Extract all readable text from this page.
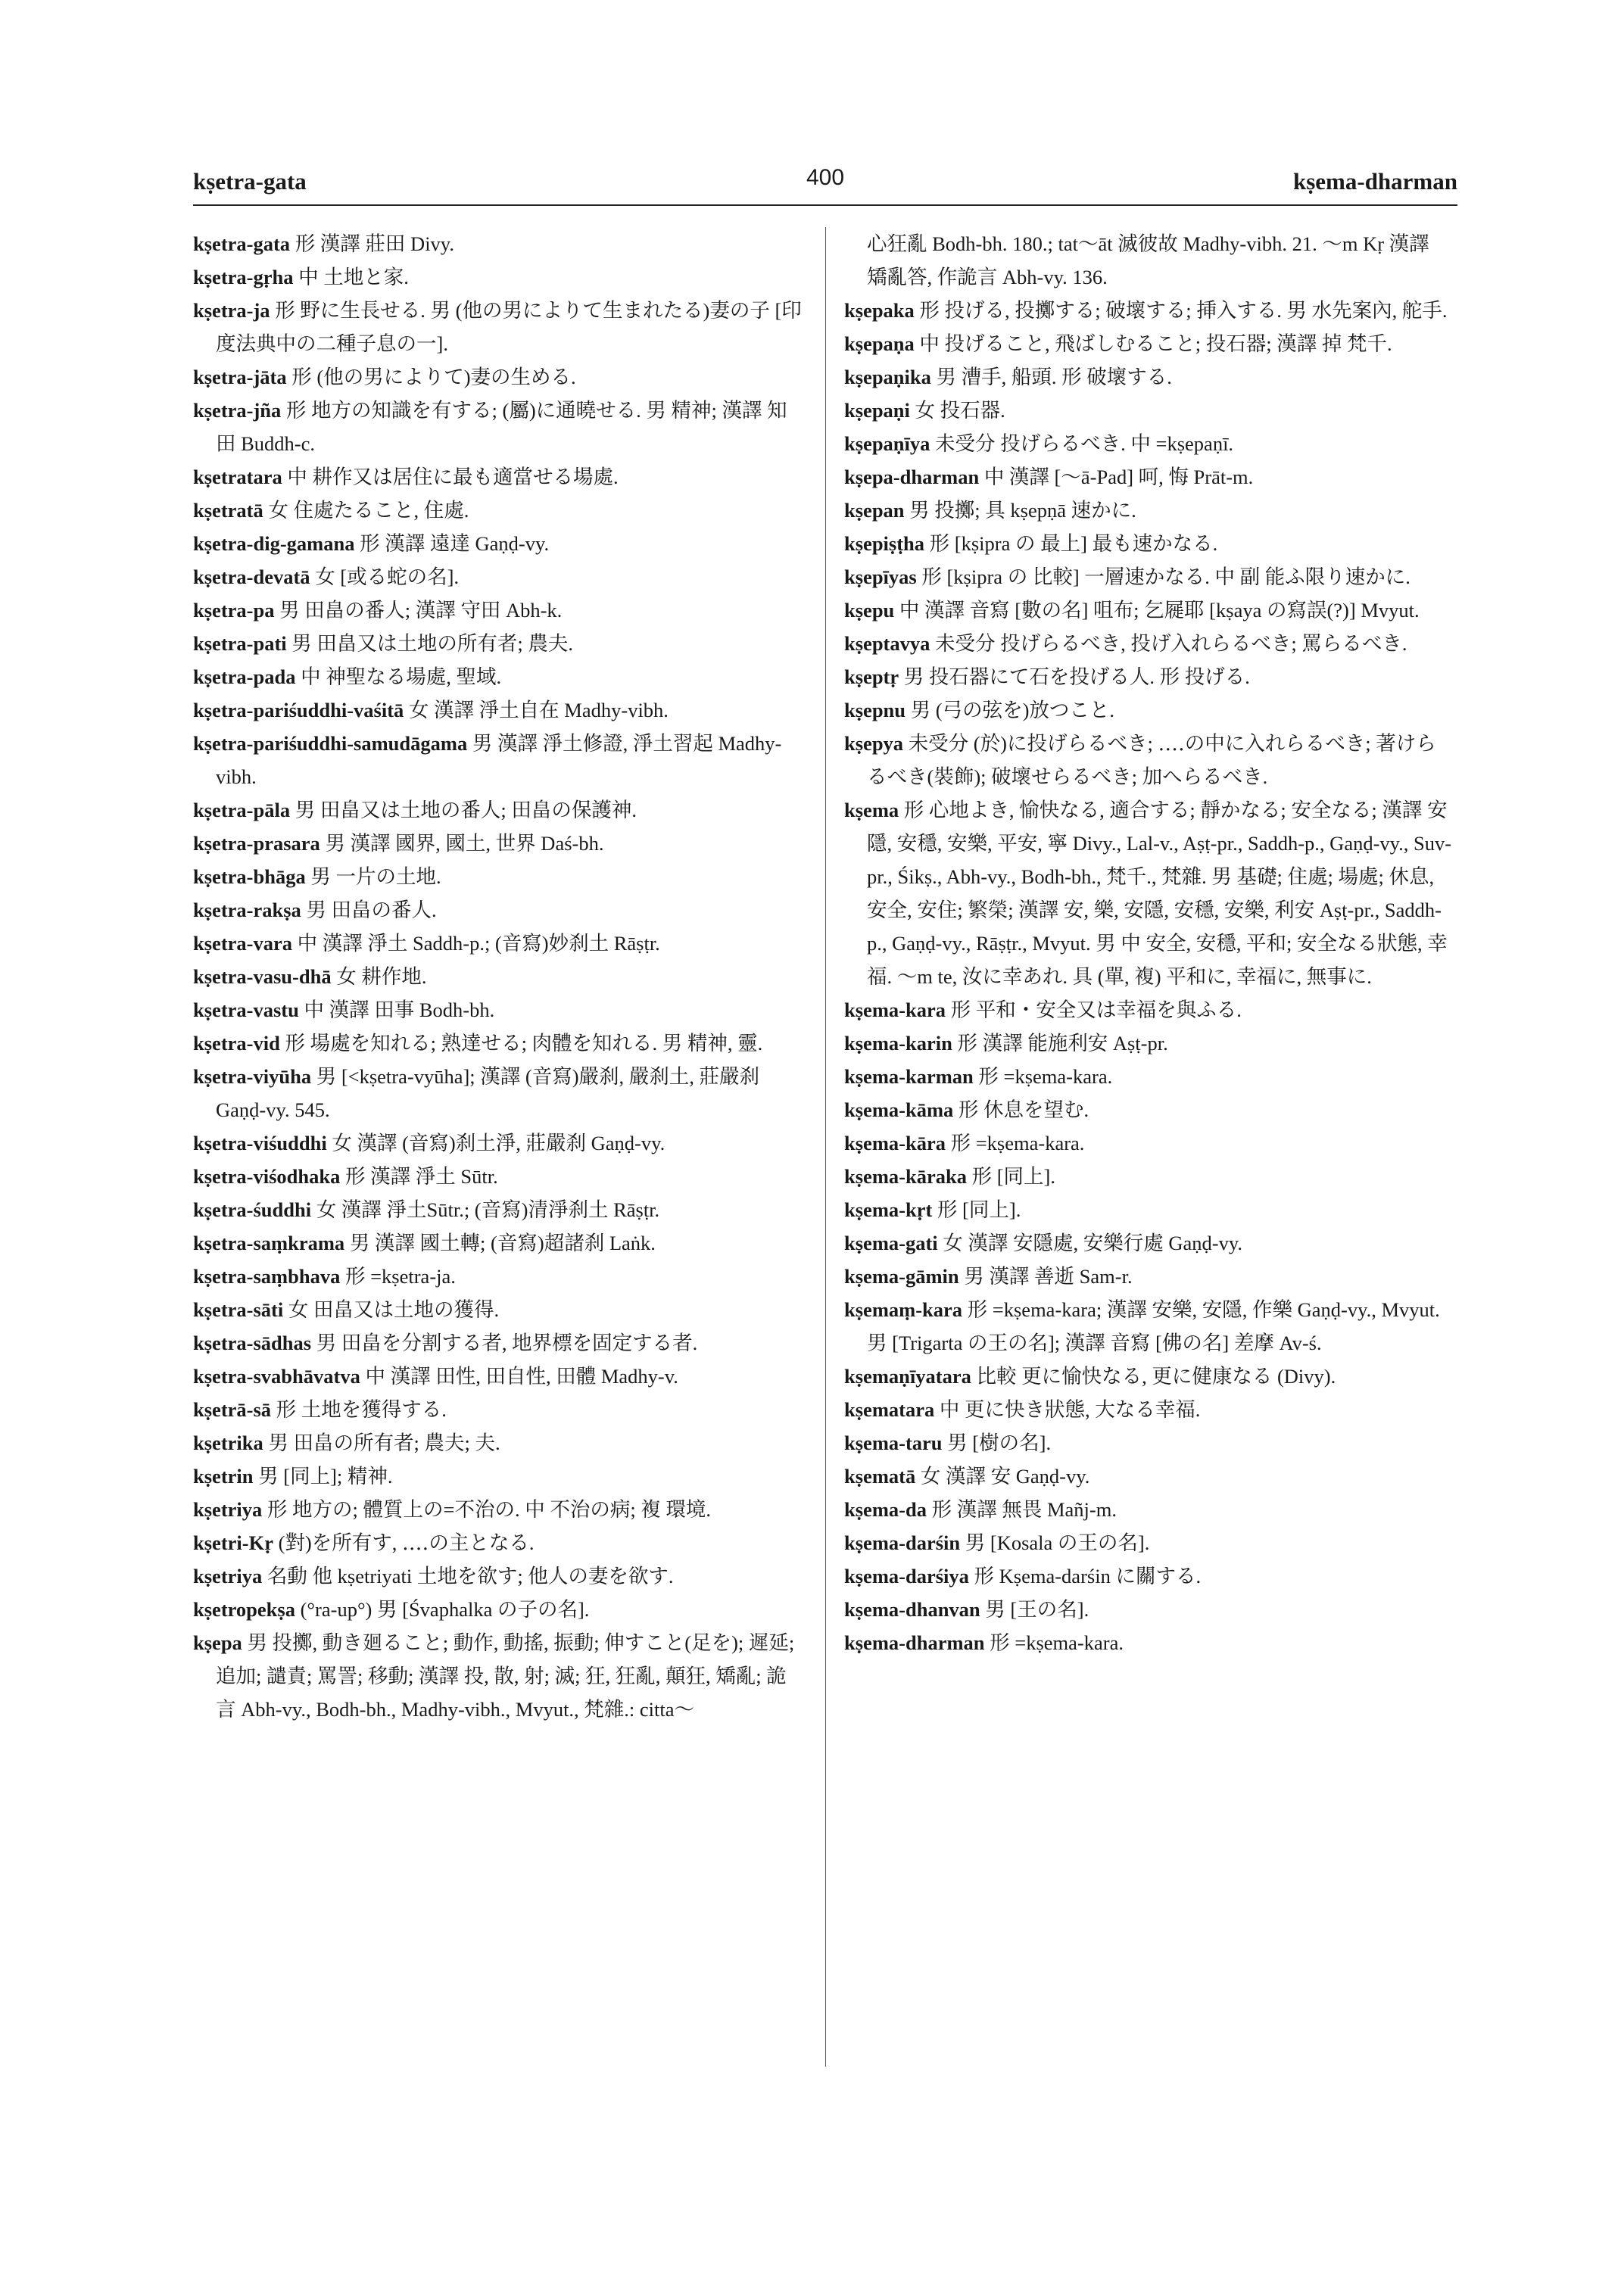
kṣetra-gata	400	kṣema-dharman

kṣetra-gata 形 漢譯 莊田 Divy.

kṣetra-gṛha 中 土地と家.

kṣetra-ja 形 野に生長せる. 男 (他の男によりて生まれたる)妻の子 [印度法典中の二種子息の一].

kṣetra-jāta 形 (他の男によりて)妻の生める.

kṣetra-jña 形 地方の知識を有する; (屬)に通曉せる. 男 精神; 漢譯 知田 Buddh-c.

kṣetratara 中 耕作又は居住に最も適當せる場處.

kṣetratā 女 住處たること, 住處.

kṣetra-dig-gamana 形 漢譯 遠達 Gaṇḍ-vy.

kṣetra-devatā 女 [或る蛇の名].

kṣetra-pa 男 田畠の番人; 漢譯 守田 Abh-k.

kṣetra-pati 男 田畠又は土地の所有者; 農夫.

kṣetra-pada 中 神聖なる場處, 聖域.

kṣetra-pariśuddhi-vaśitā 女 漢譯 淨土自在 Madhy-vibh.

kṣetra-pariśuddhi-samudāgama 男 漢譯 淨土修證, 淨土習起 Madhy-vibh.

kṣetra-pāla 男 田畠又は土地の番人; 田畠の保護神.

kṣetra-prasara 男 漢譯 國界, 國土, 世界 Daś-bh.

kṣetra-bhāga 男 一片の土地.

kṣetra-rakṣa 男 田畠の番人.

kṣetra-vara 中 漢譯 淨土 Saddh-p.; (音寫)妙刹土 Rāṣṭr.

kṣetra-vasu-dhā 女 耕作地.

kṣetra-vastu 中 漢譯 田事 Bodh-bh.

kṣetra-vid 形 場處を知れる; 熟達せる; 肉體を知れる. 男 精神, 靈.

kṣetra-viyūha 男 [<kṣetra-vyūha]; 漢譯 (音寫)嚴刹, 嚴刹土, 莊嚴刹 Gaṇḍ-vy. 545.

kṣetra-viśuddhi 女 漢譯 (音寫)刹土淨, 莊嚴刹 Gaṇḍ-vy.

kṣetra-viśodhaka 形 漢譯 淨土 Sūtr.

kṣetra-śuddhi 女 漢譯 淨土Sūtr.; (音寫)清淨刹土 Rāṣṭr.

kṣetra-saṃkrama 男 漢譯 國土轉; (音寫)超諸刹 Laṅk.

kṣetra-saṃbhava 形 =kṣetra-ja.

kṣetra-sāti 女 田畠又は土地の獲得.

kṣetra-sādhas 男 田畠を分割する者, 地界標を固定する者.

kṣetra-svabhāvatva 中 漢譯 田性, 田自性, 田體 Madhy-v.

kṣetrā-sā 形 土地を獲得する.

kṣetrika 男 田畠の所有者; 農夫; 夫.

kṣetrin 男 [同上]; 精神.

kṣetriya 形 地方の; 體質上の=不治の. 中 不治の病; 複 環境.

kṣetri-Kṛ (對)を所有す, ‥‥の主となる.

kṣetriya 名動 他 kṣetriyati 土地を欲す; 他人の妻を欲す.

kṣetropekṣa (°ra-up°) 男 [Śvaphalka の子の名].

kṣepa 男 投擲, 動き廻ること; 動作, 動搖, 振動; 伸すこと(足を); 遲延; 追加; 譴責; 罵詈; 移動; 漢譯 投, 散, 射; 滅; 狂, 狂亂, 顛狂, 矯亂; 詭言 Abh-vy., Bodh-bh., Madhy-vibh., Mvyut., 梵雜.: citta〜

心狂亂 Bodh-bh. 180.; tat〜āt 滅彼故 Madhy-vibh. 21. 〜m Kṛ 漢譯 矯亂答, 作詭言 Abh-vy. 136.

kṣepaka 形 投げる, 投擲する; 破壞する; 挿入する. 男 水先案內, 舵手.

kṣepaṇa 中 投げること, 飛ばしむること; 投石器; 漢譯 掉 梵千.

kṣepaṇika 男 漕手, 船頭. 形 破壞する.

kṣepaṇi 女 投石器.

kṣepaṇīya 未受分 投げらるべき. 中 =kṣepaṇī.

kṣepa-dharman 中 漢譯 [〜ā-Pad] 呵, 悔 Prāt-m.

kṣepan 男 投擲; 具 kṣepṇā 速かに.

kṣepiṣṭha 形 [kṣipra の 最上] 最も速かなる.

kṣepīyas 形 [kṣipra の 比較] 一層速かなる. 中 副 能ふ限り速かに.

kṣepu 中 漢譯 音寫 [數の名] 咀布; 乞屣耶 [kṣaya の寫誤(?)] Mvyut.

kṣeptavya 未受分 投げらるべき, 投げ入れらるべき; 罵らるべき.

kṣeptṛ 男 投石器にて石を投げる人. 形 投げる.

kṣepnu 男 (弓の弦を)放つこと.

kṣepya 未受分 (於)に投げらるべき; ‥‥の中に入れらるべき; 著けらるべき(裝飾); 破壞せらるべき; 加へらるべき.

kṣema 形 心地よき, 愉快なる, 適合する; 靜かなる; 安全なる; 漢譯 安隱, 安穩, 安樂, 平安, 寧 Divy., Lal-v., Aṣṭ-pr., Saddh-p., Gaṇḍ-vy., Suv-pr., Śikṣ., Abh-vy., Bodh-bh., 梵千., 梵雜. 男 基礎; 住處; 場處; 休息, 安全, 安住; 繁榮; 漢譯 安, 樂, 安隱, 安穩, 安樂, 利安 Aṣṭ-pr., Saddh-p., Gaṇḍ-vy., Rāṣṭr., Mvyut. 男 中 安全, 安穩, 平和; 安全なる狀態, 幸福. 〜m te, 汝に幸あれ. 具 (單, 複) 平和に, 幸福に, 無事に.

kṣema-kara 形 平和・安全又は幸福を與ふる.

kṣema-karin 形 漢譯 能施利安 Aṣṭ-pr.

kṣema-karman 形 =kṣema-kara.

kṣema-kāma 形 休息を望む.

kṣema-kāra 形 =kṣema-kara.

kṣema-kāraka 形 [同上].

kṣema-kṛt 形 [同上].

kṣema-gati 女 漢譯 安隱處, 安樂行處 Gaṇḍ-vy.

kṣema-gāmin 男 漢譯 善逝 Sam-r.

kṣemaṃ-kara 形 =kṣema-kara; 漢譯 安樂, 安隱, 作樂 Gaṇḍ-vy., Mvyut. 男 [Trigarta の王の名]; 漢譯 音寫 [佛の名] 差摩 Av-ś.

kṣemaṇīyatara 比較 更に愉快なる, 更に健康なる (Divy).

kṣematara 中 更に快き狀態, 大なる幸福.

kṣema-taru 男 [樹の名].

kṣematā 女 漢譯 安 Gaṇḍ-vy.

kṣema-da 形 漢譯 無畏 Mañj-m.

kṣema-darśin 男 [Kosala の王の名].

kṣema-darśiya 形 Kṣema-darśin に關する.

kṣema-dhanvan 男 [王の名].

kṣema-dharman 形 =kṣema-kara.
